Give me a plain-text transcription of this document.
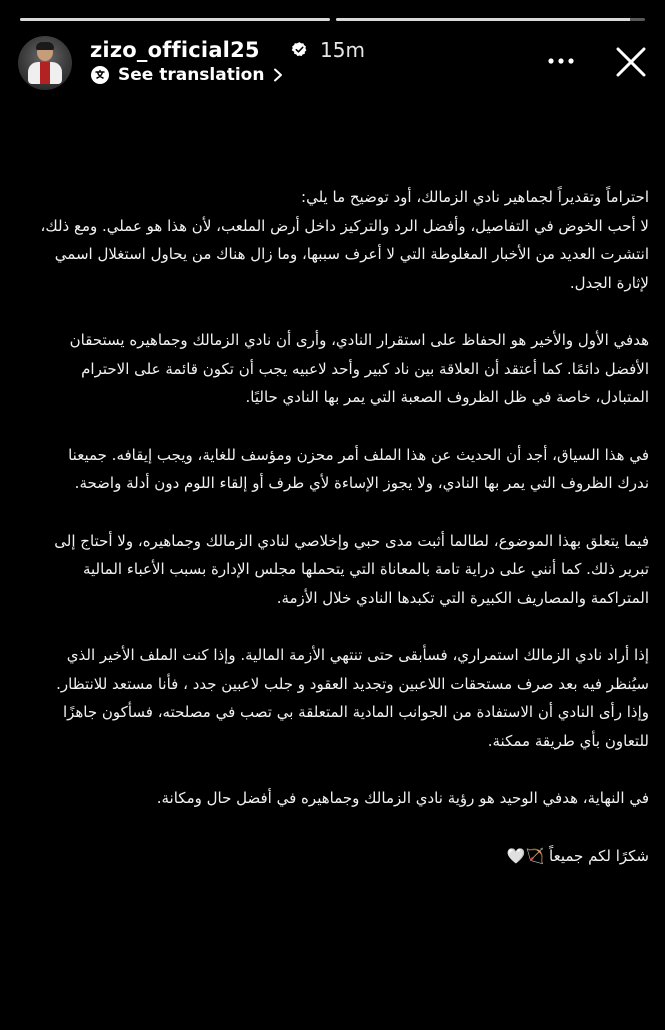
zizo_official25	15m
See translation

احتراماً وتقديراً لجماهير نادي الزمالك، أود توضيح ما يلي:

لا أحب الخوض في التفاصيل، وأفضل الرد والتركيز داخل أرض الملعب، لأن هذا هو عملي. ومع ذلك، انتشرت العديد من الأخبار المغلوطة التي لا أعرف سببها، وما زال هناك من يحاول استغلال اسمي لإثارة الجدل.

هدفي الأول والأخير هو الحفاظ على استقرار النادي، وأرى أن نادي الزمالك وجماهيره يستحقان الأفضل دائمًا. كما أعتقد أن العلاقة بين ناد كبير وأحد لاعبيه يجب أن تكون قائمة على الاحترام المتبادل، خاصة في ظل الظروف الصعبة التي يمر بها النادي حاليًا.

في هذا السياق، أجد أن الحديث عن هذا الملف أمر محزن ومؤسف للغاية، ويجب إيقافه. جميعنا ندرك الظروف التي يمر بها النادي، ولا يجوز الإساءة لأي طرف أو إلقاء اللوم دون أدلة واضحة.

فيما يتعلق بهذا الموضوع، لطالما أثبت مدى حبي وإخلاصي لنادي الزمالك وجماهيره، ولا أحتاج إلى تبرير ذلك. كما أنني على دراية تامة بالمعاناة التي يتحملها مجلس الإدارة بسبب الأعباء المالية المتراكمة والمصاريف الكبيرة التي تكبدها النادي خلال الأزمة.

إذا أراد نادي الزمالك استمراري، فسأبقى حتى تنتهي الأزمة المالية. وإذا كنت الملف الأخير الذي سيُنظر فيه بعد صرف مستحقات اللاعبين وتجديد العقود و جلب لاعبين جدد ، فأنا مستعد للانتظار. وإذا رأى النادي أن الاستفادة من الجوانب المادية المتعلقة بي تصب في مصلحته، فسأكون جاهزًا للتعاون بأي طريقة ممكنة.

في النهاية، هدفي الوحيد هو رؤية نادي الزمالك وجماهيره في أفضل حال ومكانة.

شكرًا لكم جميعاً 🏹🤍
